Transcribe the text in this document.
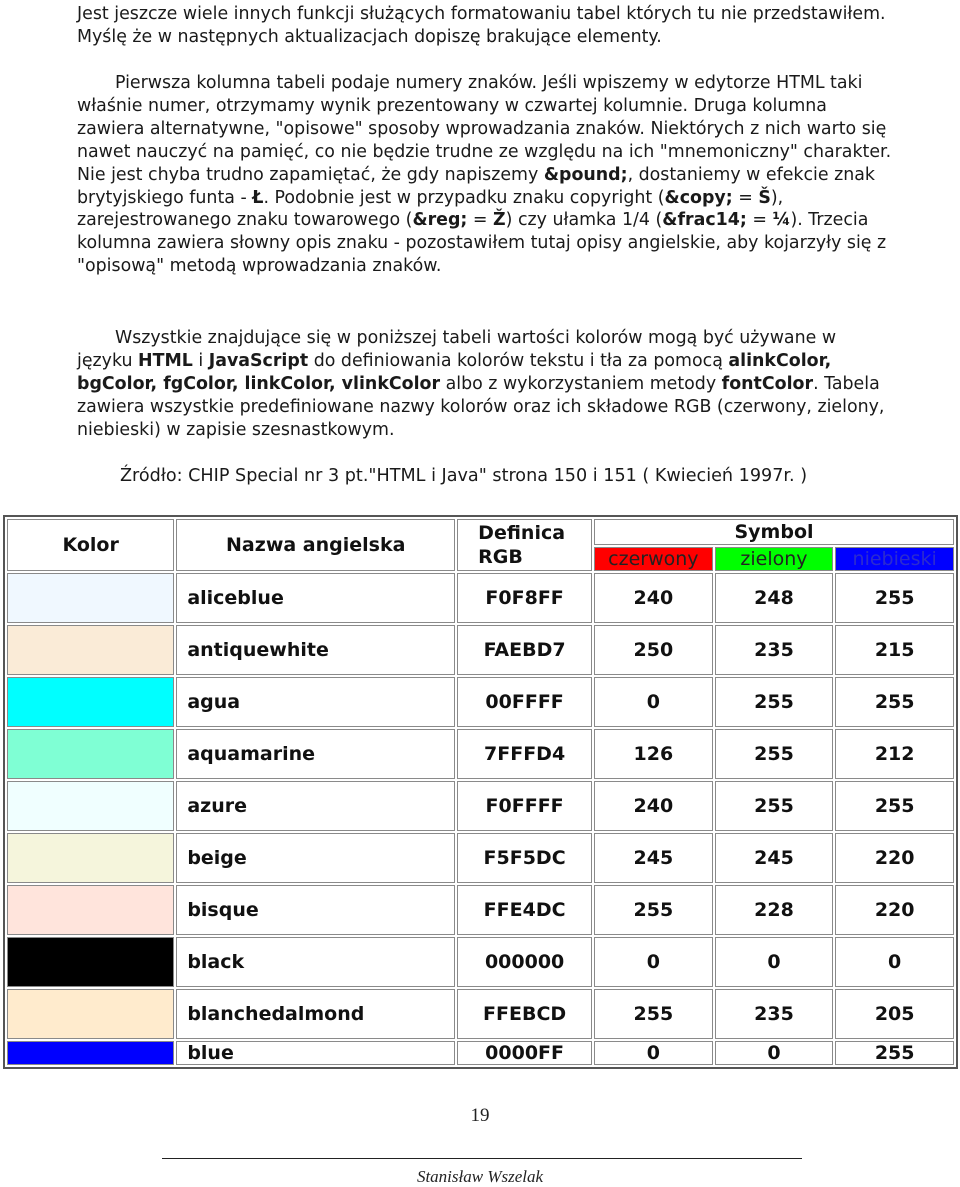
Jest jeszcze wiele innych funkcji służących formatowaniu tabel których tu nie przedstawiłem. Myślę że w następnych aktualizacjach dopiszę brakujące elementy.

Pierwsza kolumna tabeli podaje numery znaków. Jeśli wpiszemy w edytorze HTML taki właśnie numer, otrzymamy wynik prezentowany w czwartej kolumnie. Druga kolumna zawiera alternatywne, "opisowe" sposoby wprowadzania znaków. Niektórych z nich warto się nawet nauczyć na pamięć, co nie będzie trudne ze względu na ich "mnemoniczny" charakter. Nie jest chyba trudno zapamiętać, że gdy napiszemy &pound;, dostaniemy w efekcie znak brytyjskiego funta - Ł. Podobnie jest w przypadku znaku copyright (&copy; = Š), zarejestrowanego znaku towarowego (&reg; = Ž) czy ułamka 1/4 (&frac14; = ¼). Trzecia kolumna zawiera słowny opis znaku - pozostawiłem tutaj opisy angielskie, aby kojarzyły się z "opisową" metodą wprowadzania znaków.

Wszystkie znajdujące się w poniższej tabeli wartości kolorów mogą być używane w języku HTML i JavaScript do definiowania kolorów tekstu i tła za pomocą alinkColor, bgColor, fgColor, linkColor, vlinkColor albo z wykorzystaniem metody fontColor. Tabela zawiera wszystkie predefiniowane nazwy kolorów oraz ich składowe RGB (czerwony, zielony, niebieski) w zapisie szesnastkowym.

Źródło: CHIP Special nr 3 pt."HTML i Java" strona 150 i 151 ( Kwiecień 1997r. )
Kolor	Nazwa angielska	Definica RGB	Symbol		
			czerwony	zielony	niebieski
	aliceblue	F0F8FF	240	248	255
	antiquewhite	FAEBD7	250	235	215
	agua	00FFFF	0	255	255
	aquamarine	7FFFD4	126	255	212
	azure	F0FFFF	240	255	255
	beige	F5F5DC	245	245	220
	bisque	FFE4DC	255	228	220
	black	000000	0	0	0
	blanchedalmond	FFEBCD	255	235	205
	blue	0000FF	0	0	255
19
Stanisław Wszelak
